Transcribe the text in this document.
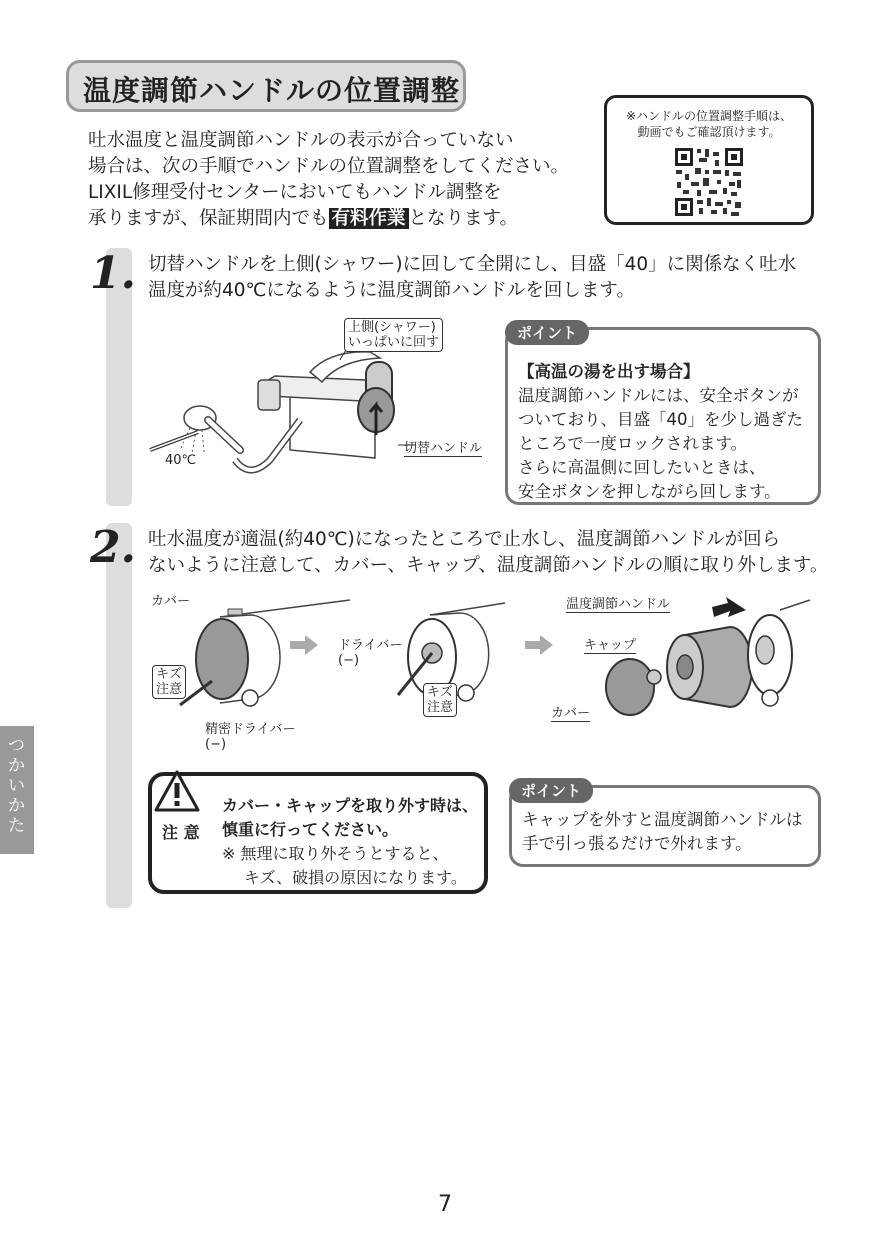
温度調節ハンドルの位置調整
吐水温度と温度調節ハンドルの表示が合っていない
場合は、次の手順でハンドルの位置調整をしてください。
LIXIL修理受付センターにおいてもハンドル調整を
承りますが、保証期間内でも 有料作業 となります。
※ハンドルの位置調整手順は、
動画でもご確認頂けます。
1. 切替ハンドルを上側(シャワー)に回して全開にし、目盛「40」に関係なく吐水
温度が約40℃になるように温度調節ハンドルを回します。
上側(シャワー)
いっぱいに回す
40℃
切替ハンドル
ポイント
【高温の湯を出す場合】
温度調節ハンドルには、安全ボタンが
ついており、目盛「40」を少し過ぎた
ところで一度ロックされます。
さらに高温側に回したいときは、
安全ボタンを押しながら回します。
2. 吐水温度が適温(約40℃)になったところで止水し、温度調節ハンドルが回ら
ないように注意して、カバー、キャップ、温度調節ハンドルの順に取り外します。
カバー
キズ
注意
精密ドライバー
(−)
ドライバー
(−)
キズ
注意
温度調節ハンドル
キャップ
カバー
注 意
カバー・キャップを取り外す時は、
慎重に行ってください。
※ 無理に取り外そうとすると、
キズ、破損の原因になります。
ポイント
キャップを外すと温度調節ハンドルは
手で引っ張るだけで外れます。
つかいかた
7
